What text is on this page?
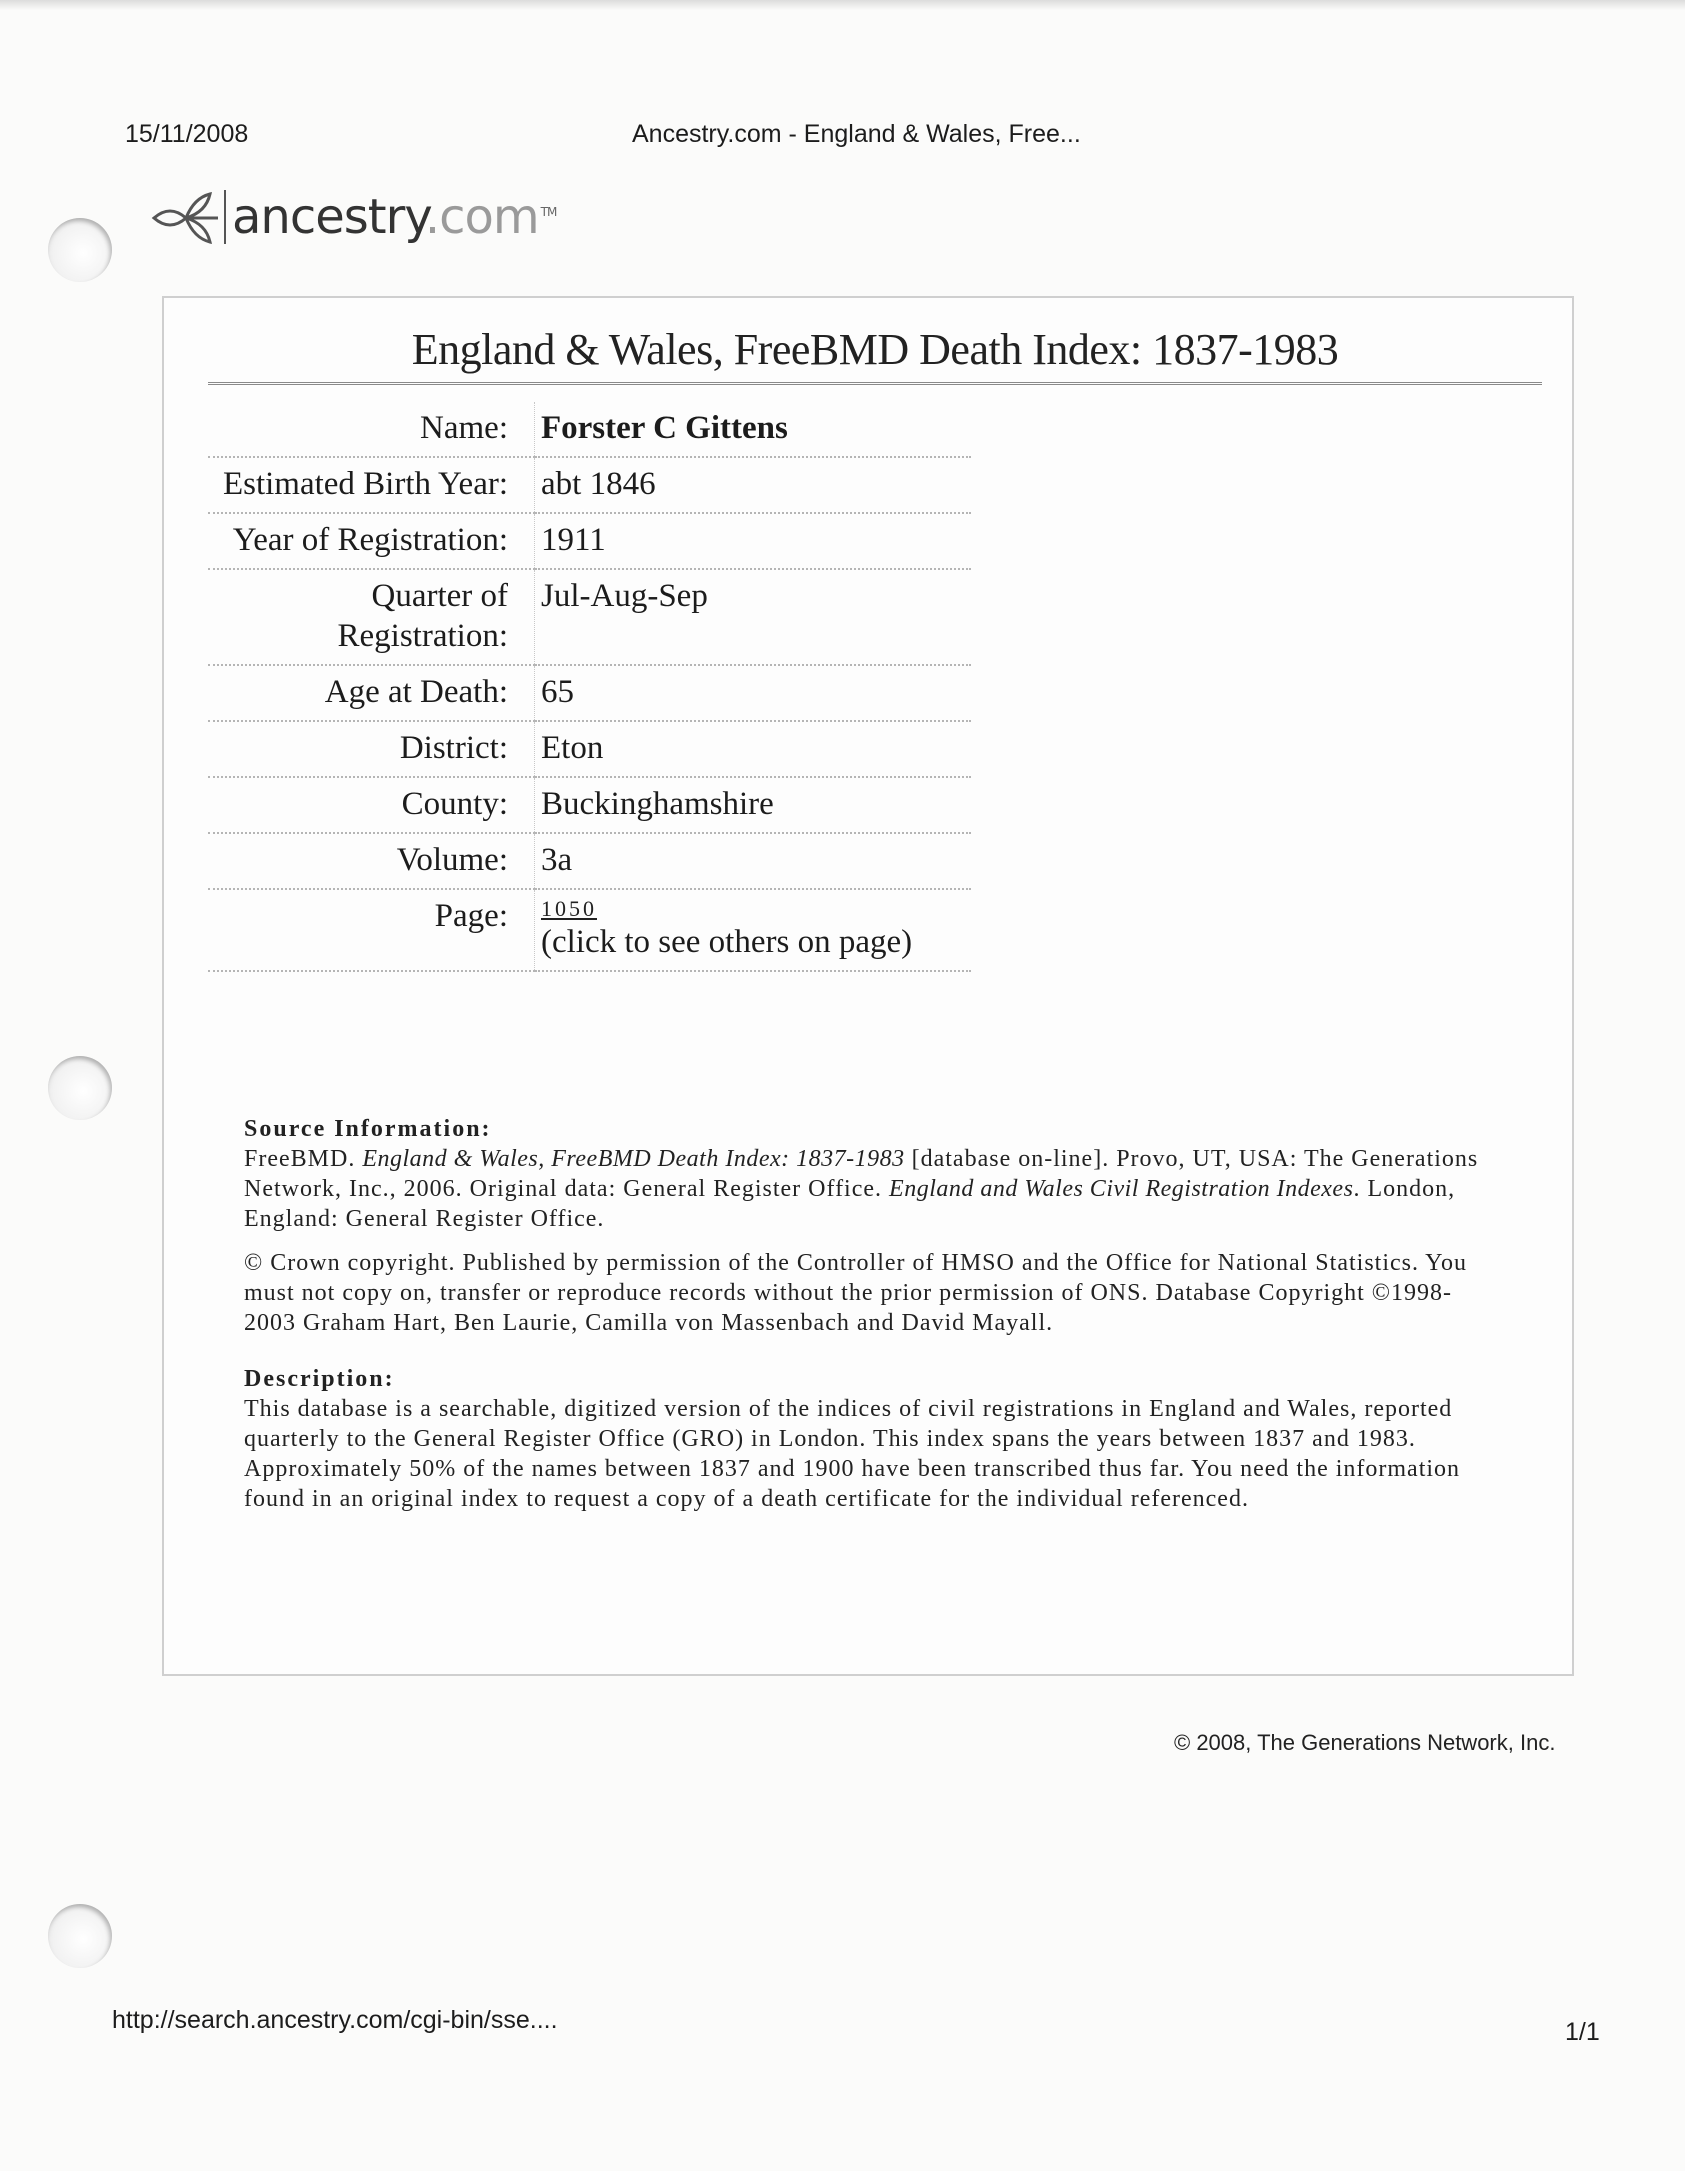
15/11/2008	Ancestry.com - England & Wales, Free...
ancestry.com ™
England & Wales, FreeBMD Death Index: 1837-1983
Name:	Forster C Gittens
Estimated Birth Year:	abt 1846
Year of Registration:	1911
Quarter of Registration:	Jul-Aug-Sep
Age at Death:	65
District:	Eton
County:	Buckinghamshire
Volume:	3a
Page:	1050
(click to see others on page)

Source Information:

FreeBMD. England & Wales, FreeBMD Death Index: 1837-1983 [database on-line]. Provo, UT, USA: The Generations Network, Inc., 2006. Original data: General Register Office. England and Wales Civil Registration Indexes. London, England: General Register Office.

© Crown copyright. Published by permission of the Controller of HMSO and the Office for National Statistics. You must not copy on, transfer or reproduce records without the prior permission of ONS. Database Copyright ©1998-2003 Graham Hart, Ben Laurie, Camilla von Massenbach and David Mayall.

Description:

This database is a searchable, digitized version of the indices of civil registrations in England and Wales, reported quarterly to the General Register Office (GRO) in London. This index spans the years between 1837 and 1983. Approximately 50% of the names between 1837 and 1900 have been transcribed thus far. You need the information found in an original index to request a copy of a death certificate for the individual referenced.

© 2008, The Generations Network, Inc.
http://search.ancestry.com/cgi-bin/sse....	1/1
